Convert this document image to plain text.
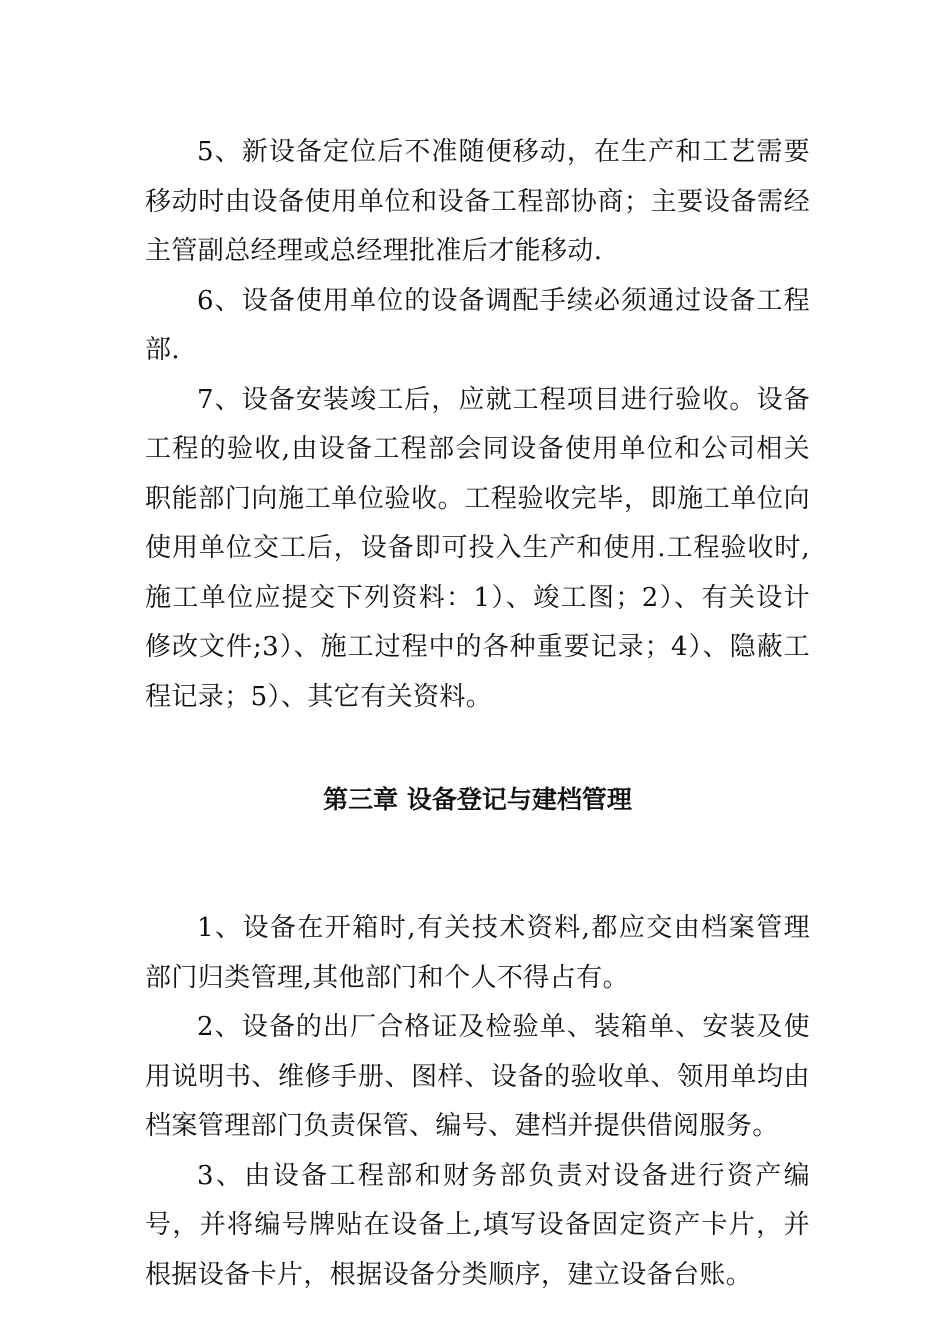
5、新设备定位后不准随便移动，在生产和工艺需要移动时由设备使用单位和设备工程部协商；主要设备需经主管副总经理或总经理批准后才能移动.

6、设备使用单位的设备调配手续必须通过设备工程部.

7、设备安装竣工后，应就工程项目进行验收。设备工程的验收,由设备工程部会同设备使用单位和公司相关职能部门向施工单位验收。工程验收完毕，即施工单位向使用单位交工后，设备即可投入生产和使用.工程验收时,施工单位应提交下列资料：1）、竣工图；2）、有关设计修改文件;3）、施工过程中的各种重要记录；4）、隐蔽工程记录；5）、其它有关资料。

第三章 设备登记与建档管理

1、设备在开箱时,有关技术资料,都应交由档案管理部门归类管理,其他部门和个人不得占有。

2、设备的出厂合格证及检验单、装箱单、安装及使用说明书、维修手册、图样、设备的验收单、领用单均由档案管理部门负责保管、编号、建档并提供借阅服务。

3、由设备工程部和财务部负责对设备进行资产编号，并将编号牌贴在设备上,填写设备固定资产卡片，并根据设备卡片，根据设备分类顺序，建立设备台账。
